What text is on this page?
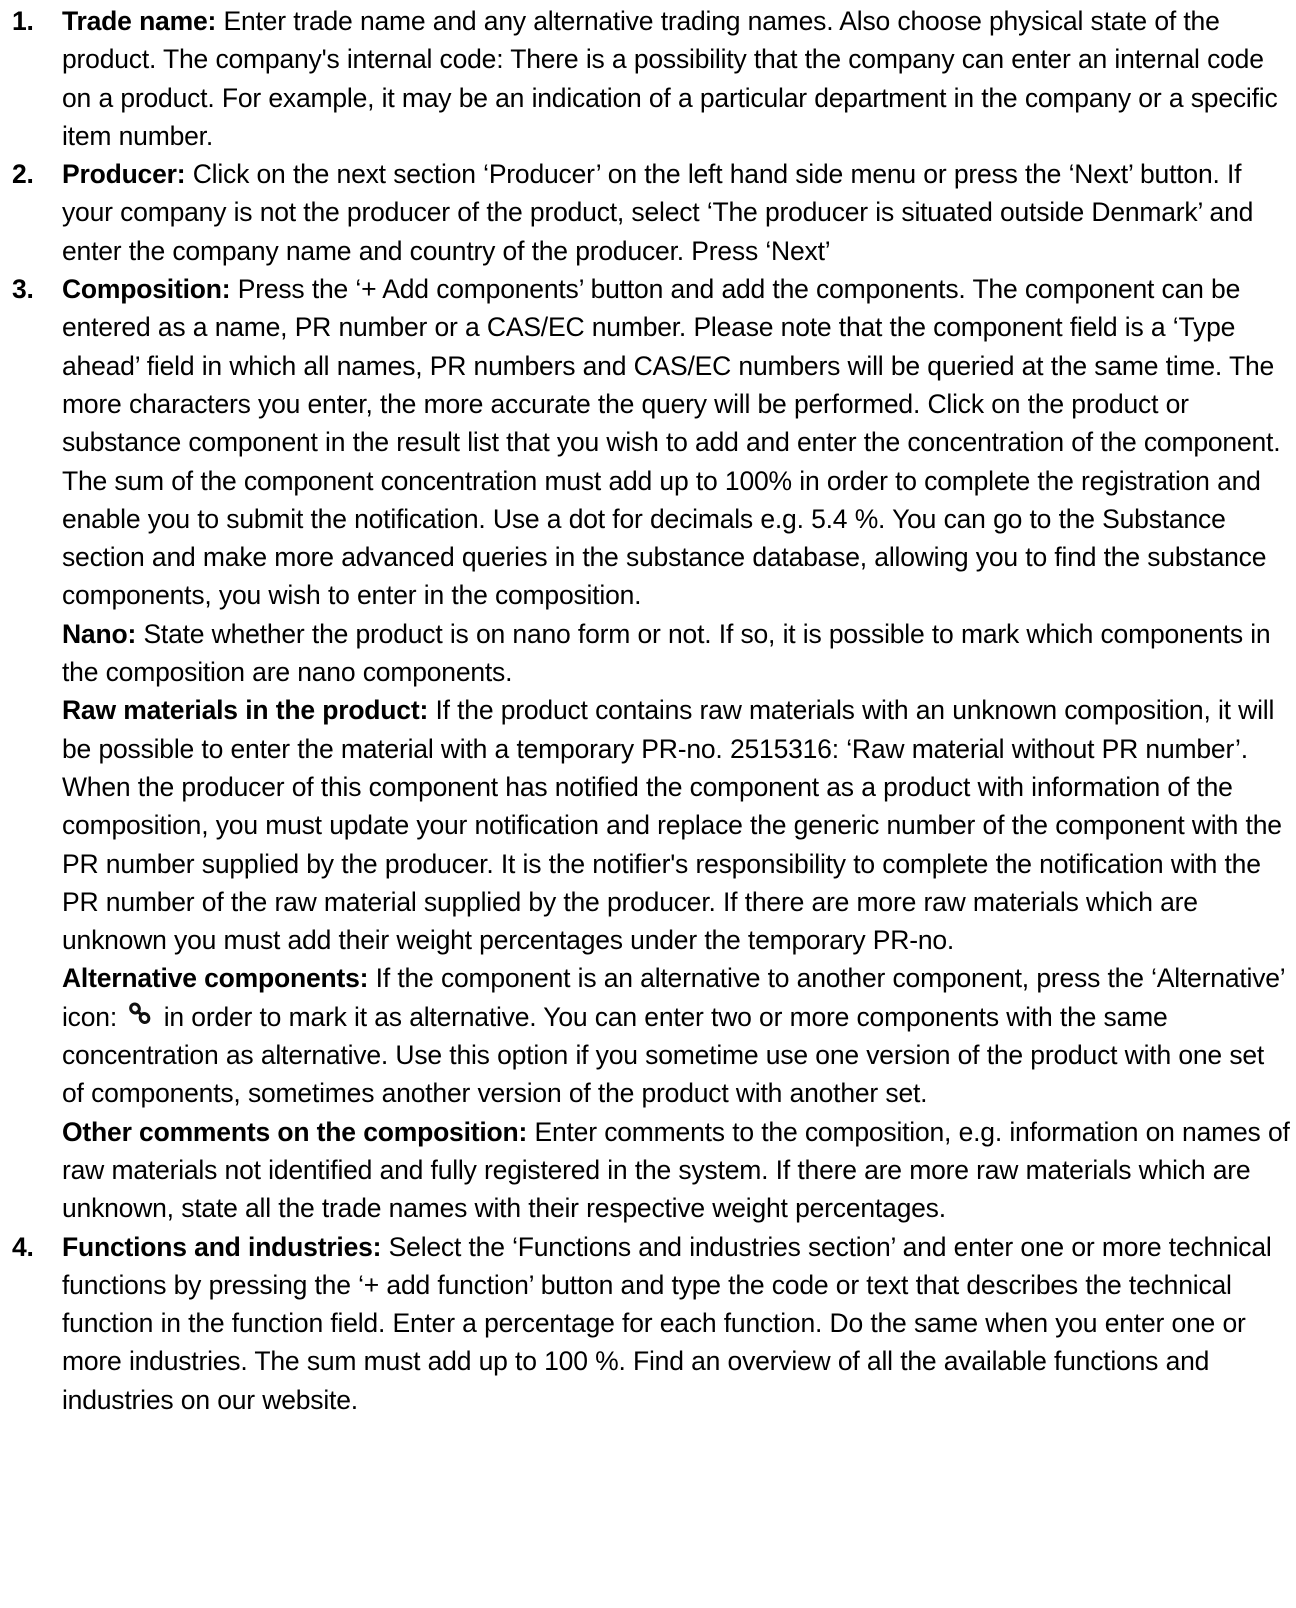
1. Trade name: Enter trade name and any alternative trading names. Also choose physical state of the product. The company's internal code: There is a possibility that the company can enter an internal code on a product. For example, it may be an indication of a particular department in the company or a specific item number.
2. Producer: Click on the next section ‘Producer’ on the left hand side menu or press the ‘Next’ button. If your company is not the producer of the product, select ‘The producer is situated outside Denmark’ and enter the company name and country of the producer. Press ‘Next’
3. Composition: Press the ‘+ Add components’ button and add the components. The component can be entered as a name, PR number or a CAS/EC number. Please note that the component field is a ‘Type ahead’ field in which all names, PR numbers and CAS/EC numbers will be queried at the same time. The more characters you enter, the more accurate the query will be performed. Click on the product or substance component in the result list that you wish to add and enter the concentration of the component. The sum of the component concentration must add up to 100% in order to complete the registration and enable you to submit the notification. Use a dot for decimals e.g. 5.4 %. You can go to the Substance section and make more advanced queries in the substance database, allowing you to find the substance components, you wish to enter in the composition.
Nano: State whether the product is on nano form or not. If so, it is possible to mark which components in the composition are nano components.
Raw materials in the product: If the product contains raw materials with an unknown composition, it will be possible to enter the material with a temporary PR-no. 2515316: ‘Raw material without PR number’. When the producer of this component has notified the component as a product with information of the composition, you must update your notification and replace the generic number of the component with the PR number supplied by the producer. It is the notifier's responsibility to complete the notification with the PR number of the raw material supplied by the producer. If there are more raw materials which are unknown you must add their weight percentages under the temporary PR-no.
Alternative components: If the component is an alternative to another component, press the ‘Alternative’ icon:  in order to mark it as alternative. You can enter two or more components with the same concentration as alternative. Use this option if you sometime use one version of the product with one set of components, sometimes another version of the product with another set.
Other comments on the composition: Enter comments to the composition, e.g. information on names of raw materials not identified and fully registered in the system. If there are more raw materials which are unknown, state all the trade names with their respective weight percentages.
4. Functions and industries: Select the ‘Functions and industries section’ and enter one or more technical functions by pressing the ‘+ add function’ button and type the code or text that describes the technical function in the function field. Enter a percentage for each function. Do the same when you enter one or more industries. The sum must add up to 100 %. Find an overview of all the available functions and industries on our website.
